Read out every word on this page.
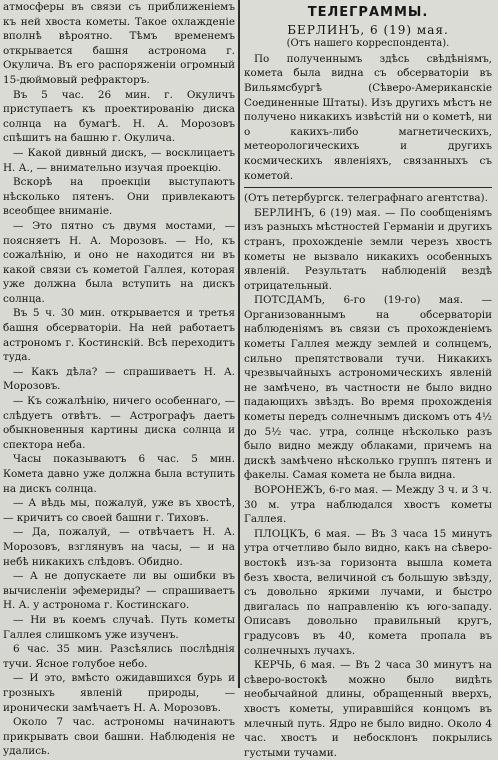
атмосферы въ связи съ приближенiемъ къ ней хвоста кометы. Такое охлажденiе вполнѣ вѣроятно. Тѣмъ временемъ открывается башня астронома г. Окулича. Въ его распоряженiи огромный 15-дюймовый рефракторъ.

Въ 5 час. 26 мин. г. Окуличъ приступаетъ къ проектированiю диска солнца на бумагѣ. Н. А. Морозовъ спѣшитъ на башню г. Окулича.

— Какой дивный дискъ, — восклицаетъ Н. А., — внимательно изучая проекцiю.

Вскорѣ на проекцiи выступаютъ нѣсколько пятенъ. Они привлекаютъ всеобщее вниманiе.

— Это пятно съ двумя мостами, — поясняетъ Н. А. Морозовъ. — Но, къ сожалѣнiю, и оно не находится ни въ какой связи съ кометой Галлея, которая уже должна была вступить на дискъ солнца.

Въ 5 ч. 30 мин. открывается и третья башня обсерваторiи. На ней работаетъ астрономъ г. Костинскiй. Всѣ переходитъ туда.

— Какъ дѣла? — спрашиваетъ Н. А. Морозовъ.

— Къ сожалѣнiю, ничего особеннаго, — слѣдуетъ отвѣтъ. — Астрографъ даетъ обыкновенныя картины диска солнца и спектора неба.

Часы показываютъ 6 час. 5 мин. Комета давно уже должна была вступить на дискъ солнца.

— А вѣдь мы, пожалуй, уже въ хвостѣ, — кричитъ со своей башни г. Тиховъ.

— Да, пожалуй, — отвѣчаетъ Н. А. Морозовъ, взглянувъ на часы, — и на небѣ никакихъ слѣдовъ. Обидно.

— А не допускаете ли вы ошибки въ вычисленiи эфемериды? — спрашиваетъ Н. А. у астронома г. Костинскаго.

— Ни въ коемъ случаѣ. Путь кометы Галлея слишкомъ уже изученъ.

6 час. 35 мин. Разсѣялись послѣднiя тучи. Ясное голубое небо.

— И это, вмѣсто ожидавшихся бурь и грозныхъ явленiй природы, — иронически замѣчаетъ Н. А. Морозовъ.

Около 7 час. астрономы начинаютъ прикрывать свои башни. Наблюденiя не удались.

ТЕЛЕГРАММЫ.
БЕРЛИНЪ, 6 (19) мая.
(Отъ нашего корреспондента).

По полученнымъ здѣсь свѣдѣнiямъ, комета была видна съ обсерваторiи въ Вильямсбургѣ (Сѣверо-Американскiе Соединенные Штаты). Изъ другихъ мѣстъ не получено никакихъ извѣстiй ни о кометѣ, ни о какихъ-либо магнетическихъ, метеорологическихъ и другихъ космическихъ явленiяхъ, связанныхъ съ кометой.

(Отъ петербургск. телеграфнаго агентства).

БЕРЛИНЪ, 6 (19) мая. — По сообщенiямъ изъ разныхъ мѣстностей Германiи и другихъ странъ, прохожденiе земли черезъ хвостъ кометы не вызвало никакихъ особенныхъ явленiй. Результатъ наблюденiй вездѣ отрицательный.

ПОТСДАМЪ, 6-го (19-го) мая. — Организованнымъ на обсерваторiи наблюденiямъ въ связи съ прохожденiемъ кометы Галлея между землей и солнцемъ, сильно препятствовали тучи. Никакихъ чрезвычайныхъ астрономическихъ явленiй не замѣчено, въ частности не было видно падающихъ звѣздъ. Во время прохожденiя кометы передъ солнечнымъ дискомъ отъ 4½ до 5½ час. утра, солнце нѣсколько разъ было видно между облаками, причемъ на дискѣ замѣчено нѣсколько группъ пятенъ и факелы. Самая комета не была видна.

ВОРОНЕЖЪ, 6-го мая. — Между 3 ч. и 3 ч. 30 м. утра наблюдался хвостъ кометы Галлея.

ПЛОЦКЪ, 6 мая. — Въ 3 часа 15 минутъ утра отчетливо было видно, какъ на сѣверо-востокѣ изъ-за горизонта вышла комета безъ хвоста, величиной съ большую звѣзду, съ довольно яркими лучами, и быстро двигалась по направленiю къ юго-западу. Описавъ довольно правильный кругъ, градусовъ въ 40, комета пропала въ солнечныхъ лучахъ.

КЕРЧЬ, 6 мая. — Въ 2 часа 30 минутъ на сѣверо-востокѣ можно было видѣть необычайной длины, обращенный вверхъ, хвостъ кометы, упиравшiйся концомъ въ млечный путь. Ядро не было видно. Около 4 час. хвостъ и небосклонъ покрылись густыми тучами.
